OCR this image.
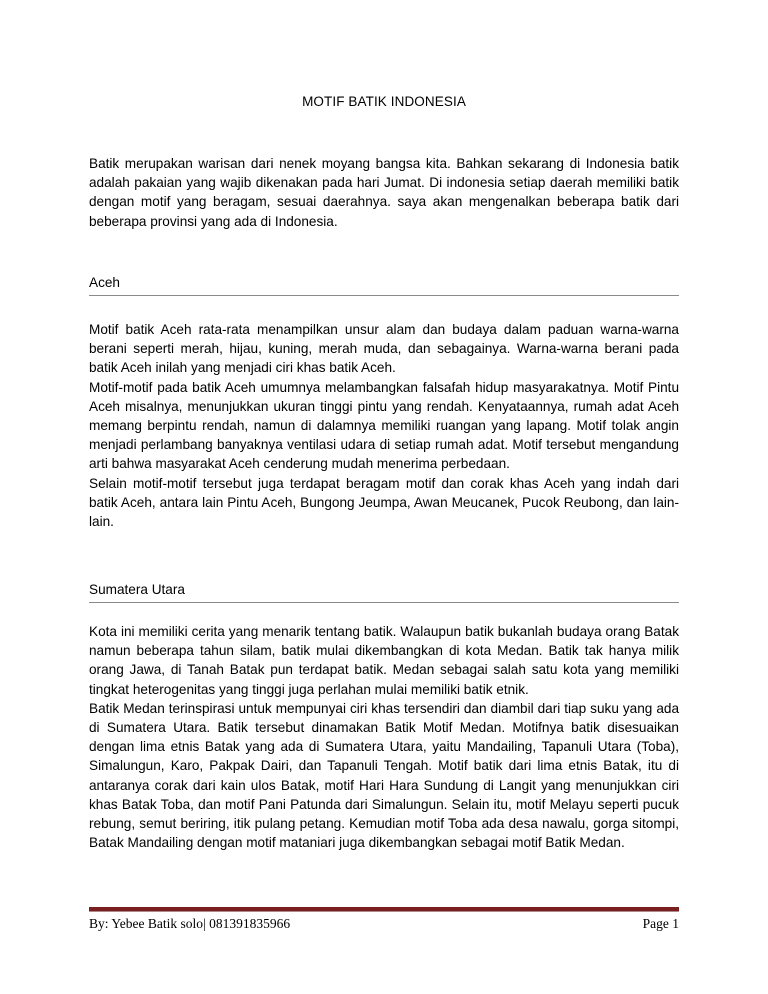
MOTIF BATIK INDONESIA

Batik merupakan warisan dari nenek moyang bangsa kita. Bahkan sekarang di Indonesia batik adalah pakaian yang wajib dikenakan pada hari Jumat. Di indonesia setiap daerah memiliki batik dengan motif yang beragam, sesuai daerahnya. saya akan mengenalkan beberapa batik dari beberapa provinsi yang ada di Indonesia.

Aceh

Motif batik Aceh rata-rata menampilkan unsur alam dan budaya dalam paduan warna-warna berani seperti merah, hijau, kuning, merah muda, dan sebagainya. Warna-warna berani pada batik Aceh inilah yang menjadi ciri khas batik Aceh.

Motif-motif pada batik Aceh umumnya melambangkan falsafah hidup masyarakatnya. Motif Pintu Aceh misalnya, menunjukkan ukuran tinggi pintu yang rendah. Kenyataannya, rumah adat Aceh memang berpintu rendah, namun di dalamnya memiliki ruangan yang lapang. Motif tolak angin menjadi perlambang banyaknya ventilasi udara di setiap rumah adat. Motif tersebut mengandung arti bahwa masyarakat Aceh cenderung mudah menerima perbedaan.

Selain motif-motif tersebut juga terdapat beragam motif dan corak khas Aceh yang indah dari batik Aceh, antara lain Pintu Aceh, Bungong Jeumpa, Awan Meucanek, Pucok Reubong, dan lain-lain.

Sumatera Utara

Kota ini memiliki cerita yang menarik tentang batik. Walaupun batik bukanlah budaya orang Batak namun beberapa tahun silam, batik mulai dikembangkan di kota Medan. Batik tak hanya milik orang Jawa, di Tanah Batak pun terdapat batik. Medan sebagai salah satu kota yang memiliki tingkat heterogenitas yang tinggi juga perlahan mulai memiliki batik etnik.

Batik Medan terinspirasi untuk mempunyai ciri khas tersendiri dan diambil dari tiap suku yang ada di Sumatera Utara. Batik tersebut dinamakan Batik Motif Medan. Motifnya batik disesuaikan dengan lima etnis Batak yang ada di Sumatera Utara, yaitu Mandailing, Tapanuli Utara (Toba), Simalungun, Karo, Pakpak Dairi, dan Tapanuli Tengah. Motif batik dari lima etnis Batak, itu di antaranya corak dari kain ulos Batak, motif Hari Hara Sundung di Langit yang menunjukkan ciri khas Batak Toba, dan motif Pani Patunda dari Simalungun. Selain itu, motif Melayu seperti pucuk rebung, semut beriring, itik pulang petang. Kemudian motif Toba ada desa nawalu, gorga sitompi, Batak Mandailing dengan motif mataniari juga dikembangkan sebagai motif Batik Medan.

By: Yebee Batik solo| 081391835966	Page 1
